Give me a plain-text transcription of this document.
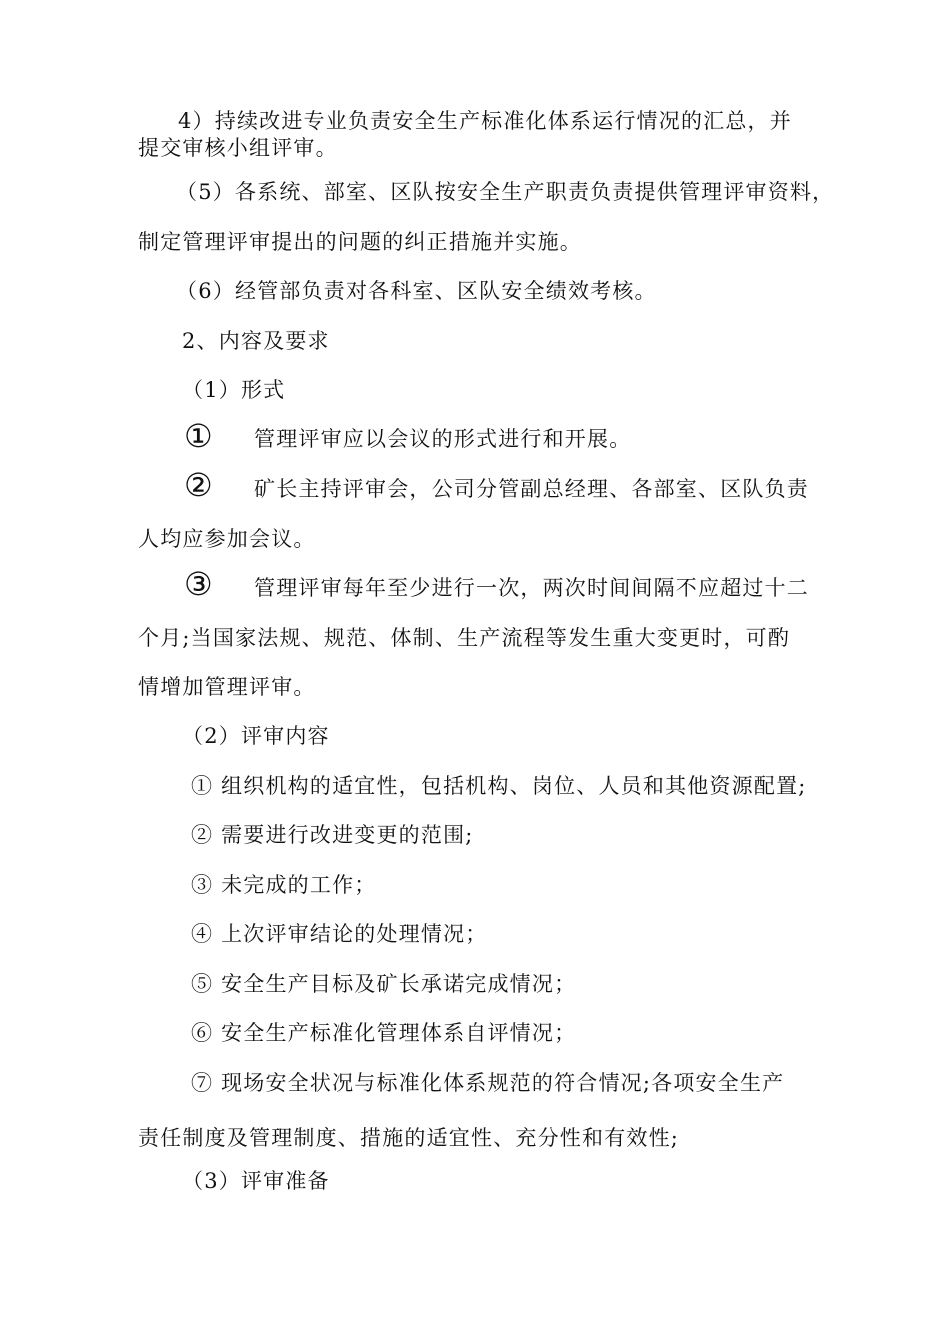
4）持续改进专业负责安全生产标准化体系运行情况的汇总，并

提交审核小组评审。

（5）各系统、部室、区队按安全生产职责负责提供管理评审资料，

制定管理评审提出的问题的纠正措施并实施。

（6）经管部负责对各科室、区队安全绩效考核。

2、内容及要求

（1）形式

① 管理评审应以会议的形式进行和开展。

② 矿长主持评审会，公司分管副总经理、各部室、区队负责

人均应参加会议。

③ 管理评审每年至少进行一次，两次时间间隔不应超过十二

个月;当国家法规、规范、体制、生产流程等发生重大变更时，可酌

情增加管理评审。

（2）评审内容

① 组织机构的适宜性，包括机构、岗位、人员和其他资源配置;

② 需要进行改进变更的范围;

③ 未完成的工作；

④ 上次评审结论的处理情况；

⑤ 安全生产目标及矿长承诺完成情况；

⑥ 安全生产标准化管理体系自评情况；

⑦ 现场安全状况与标准化体系规范的符合情况;各项安全生产

责任制度及管理制度、措施的适宜性、充分性和有效性;

（3）评审准备
